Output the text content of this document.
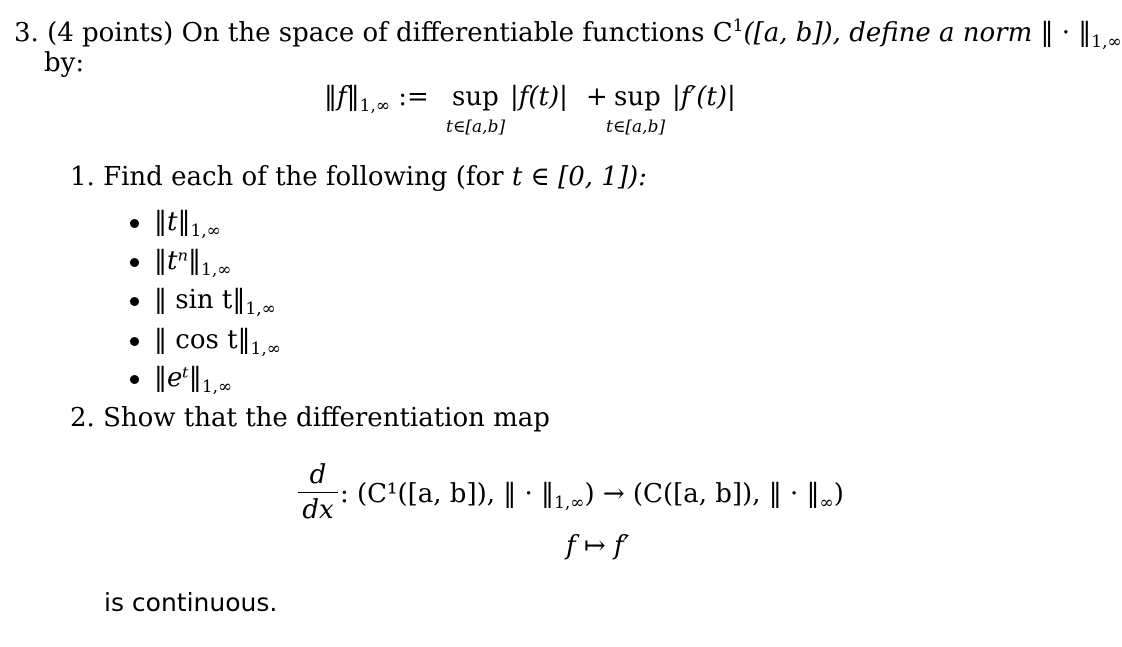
3. (4 points) On the space of differentiable functions $C^1([a$, b]), define a norm ‖ · $‖_{1,\infty}$
by:
$‖f‖_{1,\infty}$ := sup
t∈[a,b]
|f(t)| + sup
t∈[a,b]
|f′(t)|
1. Find each of the following (for t ∈ [0, 1]):
$‖t‖_{1,\infty}$
$‖t^n‖_{1,\infty}$
‖ $\sin t‖_{1,\infty}$
‖ $\cos t‖_{1,\infty}$
$‖eᵗ‖_{1,\infty}$
2. Show that the differentiation map
d
dx
: (C¹([a, b]), ‖ · $‖_{1,\infty}) \to (C([a$, b]), ‖ · $‖_\infty$)
f ↦ f′
is continuous.
